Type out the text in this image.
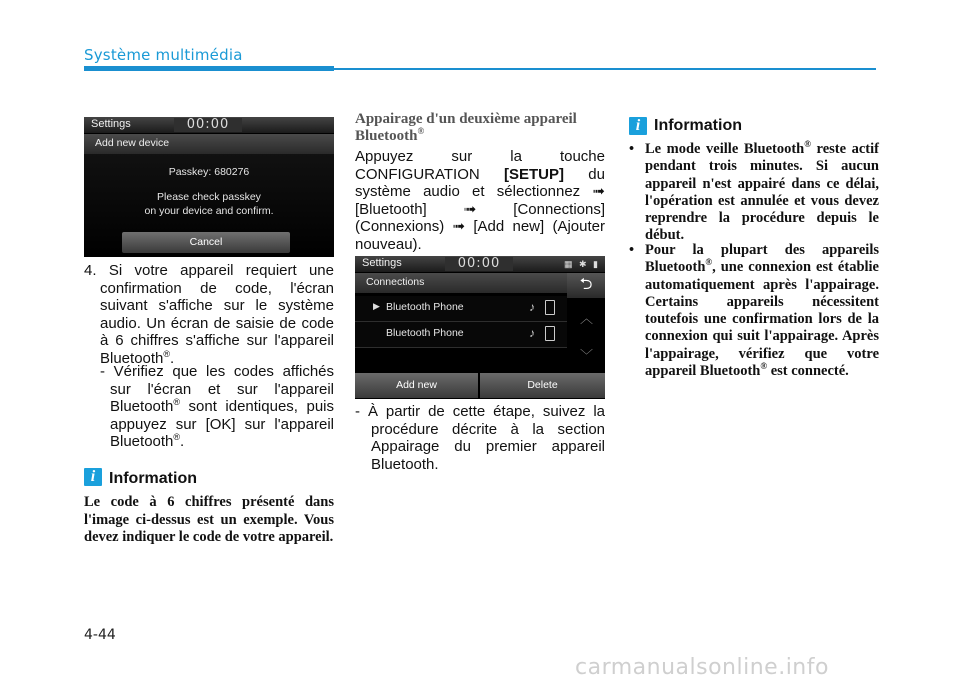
Système multimédia
Settings	00:00
Add new device
Passkey: 680276
Please check passkey
on your device and confirm.
Cancel
4. Si votre appareil requiert une confirmation de code, l'écran suivant s'affiche sur le système audio. Un écran de saisie de code à 6 chiffres s'affiche sur l'appareil Bluetooth®.
- Vérifiez que les codes affichés sur l'écran et sur l'appareil Bluetooth® sont identiques, puis appuyez sur [OK] sur l'appareil Bluetooth®.
i Information
Le code à 6 chiffres présenté dans l'image ci-dessus est un exemple. Vous devez indiquer le code de votre appareil.
Appairage d'un deuxième appareil Bluetooth®
Appuyez sur la touche CONFIGURATION [SETUP] du système audio et sélectionnez ➟ [Bluetooth] ➟ [Connections] (Connexions) ➟ [Add new] (Ajouter nouveau).
Settings	00:00	▦ ✱ ▮
Connections	⮌
▶ Bluetooth Phone	♪
Bluetooth Phone	♪
︿
﹀
Add new	Delete
- À partir de cette étape, suivez la procédure décrite à la section Appairage du premier appareil Bluetooth.
i Information
• Le mode veille Bluetooth® reste actif pendant trois minutes. Si aucun appareil n'est appairé dans ce délai, l'opération est annulée et vous devez reprendre la procédure depuis le début.
• Pour la plupart des appareils Bluetooth®, une connexion est établie automatiquement après l'appairage. Certains appareils nécessitent toutefois une confirmation lors de la connexion qui suit l'appairage. Après l'appairage, vérifiez que votre appareil Bluetooth® est connecté.
4-44
carmanualsonline.info
